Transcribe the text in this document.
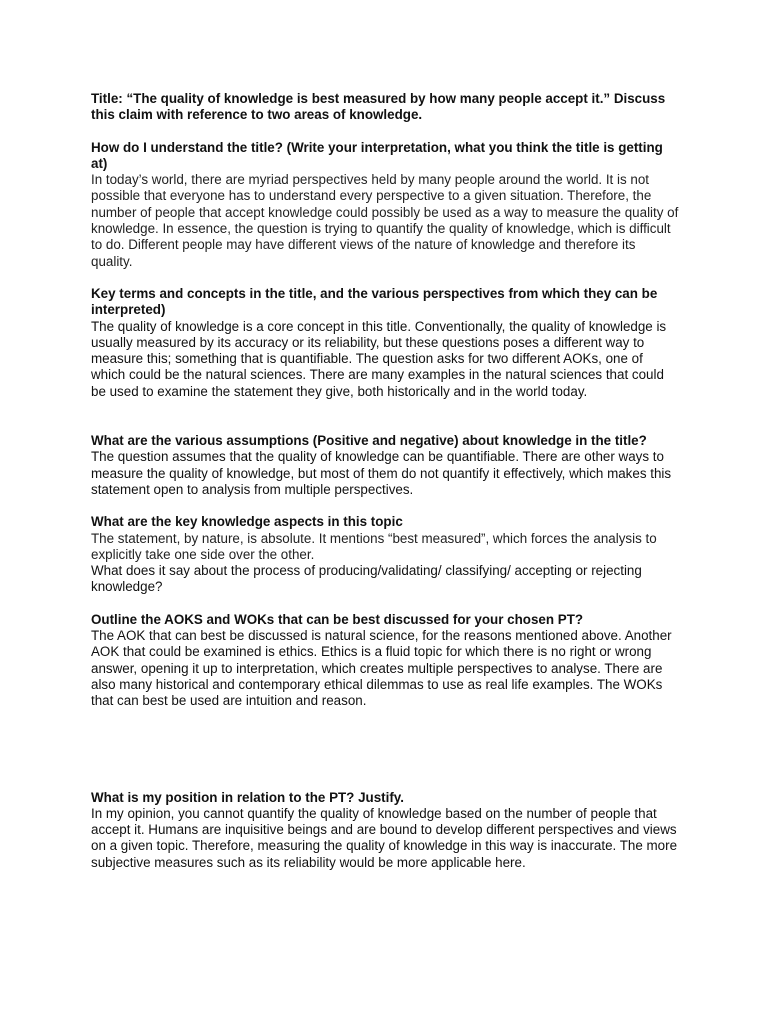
Title: “The quality of knowledge is best measured by how many people accept it.” Discuss this claim with reference to two areas of knowledge.

How do I understand the title? (Write your interpretation, what you think the title is getting at)

In today’s world, there are myriad perspectives held by many people around the world. It is not possible that everyone has to understand every perspective to a given situation. Therefore, the number of people that accept knowledge could possibly be used as a way to measure the quality of knowledge. In essence, the question is trying to quantify the quality of knowledge, which is difficult to do. Different people may have different views of the nature of knowledge and therefore its quality.

Key terms and concepts in the title, and the various perspectives from which they can be interpreted)

The quality of knowledge is a core concept in this title. Conventionally, the quality of knowledge is usually measured by its accuracy or its reliability, but these questions poses a different way to measure this; something that is quantifiable. The question asks for two different AOKs, one of which could be the natural sciences. There are many examples in the natural sciences that could be used to examine the statement they give, both historically and in the world today.

What are the various assumptions (Positive and negative) about knowledge in the title?

The question assumes that the quality of knowledge can be quantifiable. There are other ways to measure the quality of knowledge, but most of them do not quantify it effectively, which makes this statement open to analysis from multiple perspectives.

What are the key knowledge aspects in this topic

The statement, by nature, is absolute. It mentions “best measured”, which forces the analysis to explicitly take one side over the other.

What does it say about the process of producing/validating/ classifying/ accepting or rejecting knowledge?

Outline the AOKS and WOKs that can be best discussed for your chosen PT?

The AOK that can best be discussed is natural science, for the reasons mentioned above. Another AOK that could be examined is ethics. Ethics is a fluid topic for which there is no right or wrong answer, opening it up to interpretation, which creates multiple perspectives to analyse. There are also many historical and contemporary ethical dilemmas to use as real life examples. The WOKs that can best be used are intuition and reason.

What is my position in relation to the PT? Justify.

In my opinion, you cannot quantify the quality of knowledge based on the number of people that accept it. Humans are inquisitive beings and are bound to develop different perspectives and views on a given topic. Therefore, measuring the quality of knowledge in this way is inaccurate. The more subjective measures such as its reliability would be more applicable here.
